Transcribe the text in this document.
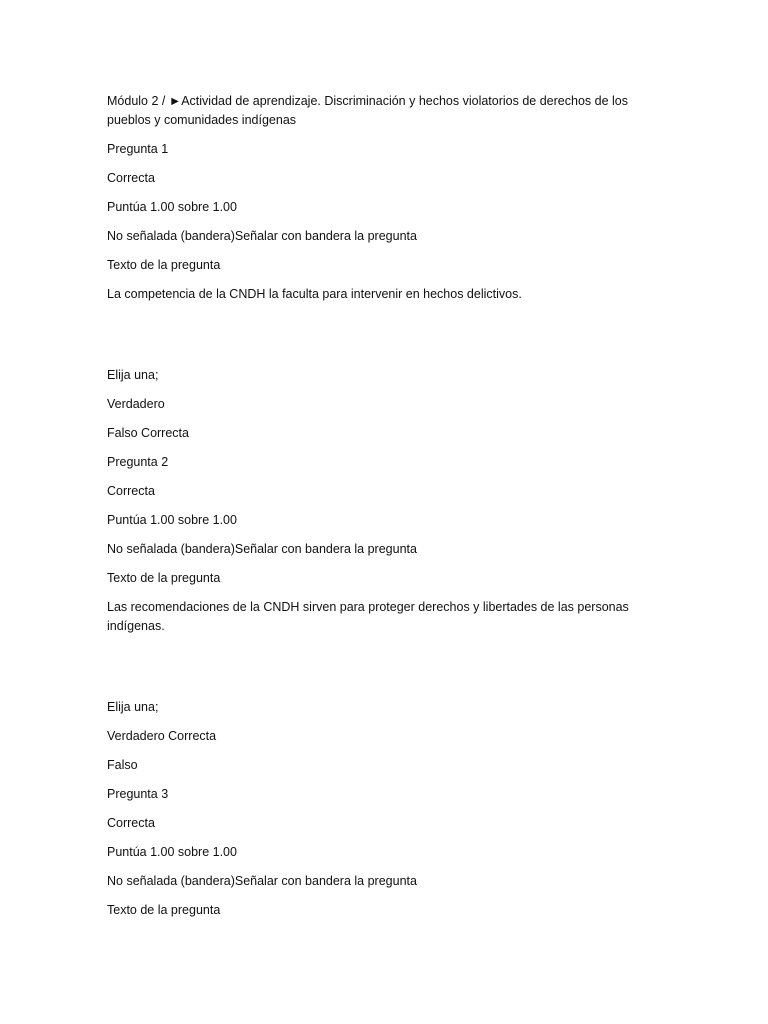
Módulo 2 / ►Actividad de aprendizaje. Discriminación y hechos violatorios de derechos de los pueblos y comunidades indígenas

Pregunta 1

Correcta

Puntúa 1.00 sobre 1.00

No señalada (bandera)Señalar con bandera la pregunta

Texto de la pregunta

La competencia de la CNDH la faculta para intervenir en hechos delictivos.

Elija una;

Verdadero

Falso Correcta

Pregunta 2

Correcta

Puntúa 1.00 sobre 1.00

No señalada (bandera)Señalar con bandera la pregunta

Texto de la pregunta

Las recomendaciones de la CNDH sirven para proteger derechos y libertades de las personas indígenas.

Elija una;

Verdadero Correcta

Falso

Pregunta 3

Correcta

Puntúa 1.00 sobre 1.00

No señalada (bandera)Señalar con bandera la pregunta

Texto de la pregunta
